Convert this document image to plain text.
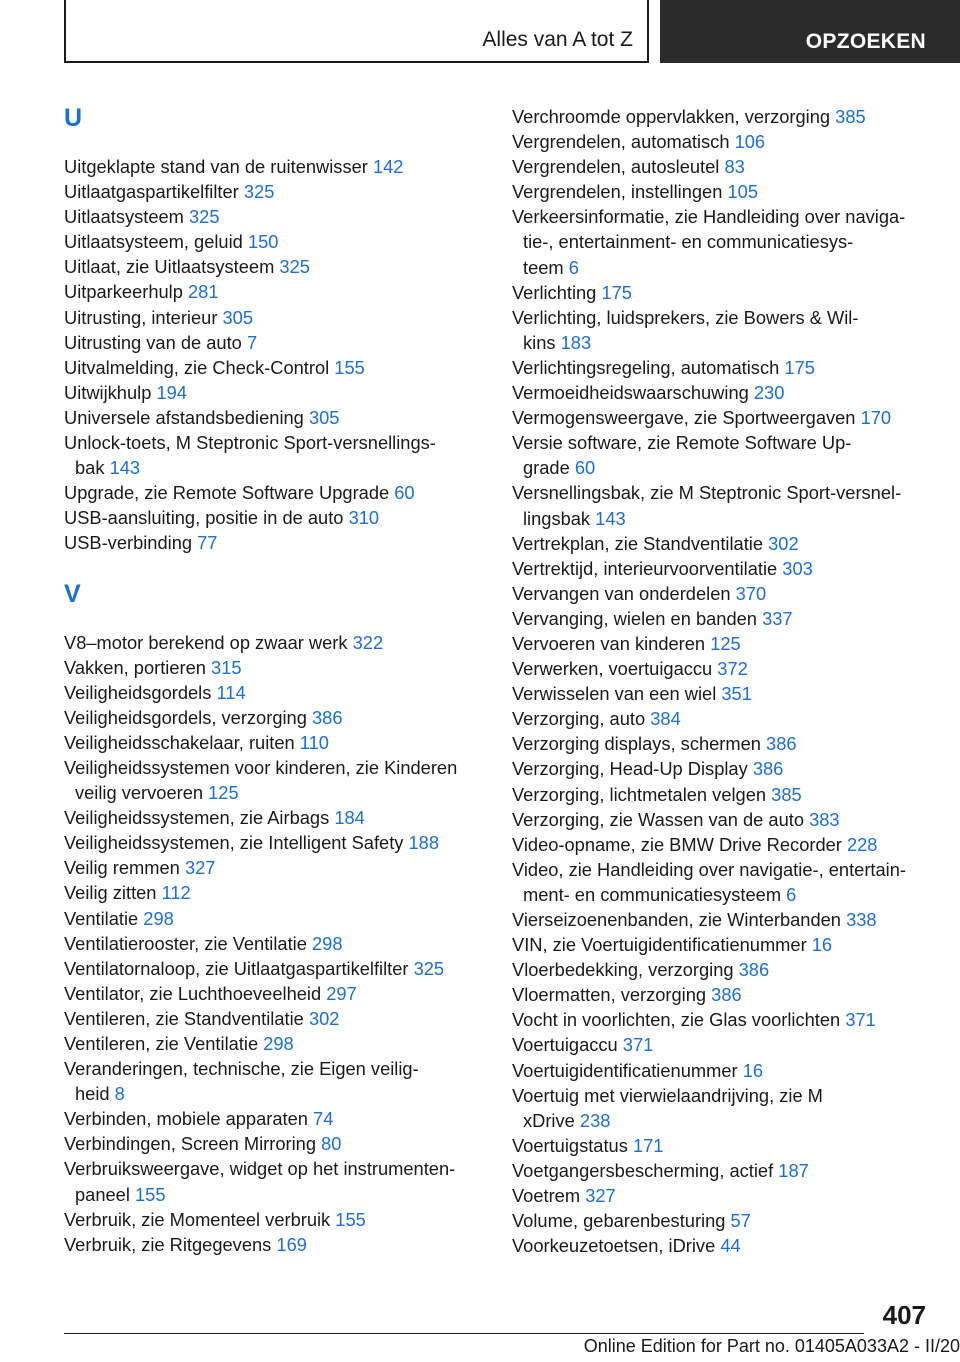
Alles van A tot Z	OPZOEKEN
U
Uitgeklapte stand van de ruitenwisser 142
Uitlaatgaspartikelfilter 325
Uitlaatsysteem 325
Uitlaatsysteem, geluid 150
Uitlaat, zie Uitlaatsysteem 325
Uitparkeerhulp 281
Uitrusting, interieur 305
Uitrusting van de auto 7
Uitvalmelding, zie Check-Control 155
Uitwijkhulp 194
Universele afstandsbediening 305
Unlock-toets, M Steptronic Sport-versnellings-
bak 143
Upgrade, zie Remote Software Upgrade 60
USB-aansluiting, positie in de auto 310
USB-verbinding 77
V
V8–motor berekend op zwaar werk 322
Vakken, portieren 315
Veiligheidsgordels 114
Veiligheidsgordels, verzorging 386
Veiligheidsschakelaar, ruiten 110
Veiligheidssystemen voor kinderen, zie Kinderen
veilig vervoeren 125
Veiligheidssystemen, zie Airbags 184
Veiligheidssystemen, zie Intelligent Safety 188
Veilig remmen 327
Veilig zitten 112
Ventilatie 298
Ventilatierooster, zie Ventilatie 298
Ventilatornaloop, zie Uitlaatgaspartikelfilter 325
Ventilator, zie Luchthoeveelheid 297
Ventileren, zie Standventilatie 302
Ventileren, zie Ventilatie 298
Veranderingen, technische, zie Eigen veilig-
heid 8
Verbinden, mobiele apparaten 74
Verbindingen, Screen Mirroring 80
Verbruiksweergave, widget op het instrumenten-
paneel 155
Verbruik, zie Momenteel verbruik 155
Verbruik, zie Ritgegevens 169
Verchroomde oppervlakken, verzorging 385
Vergrendelen, automatisch 106
Vergrendelen, autosleutel 83
Vergrendelen, instellingen 105
Verkeersinformatie, zie Handleiding over naviga-
tie-, entertainment- en communicatiesys-
teem 6
Verlichting 175
Verlichting, luidsprekers, zie Bowers & Wil-
kins 183
Verlichtingsregeling, automatisch 175
Vermoeidheidswaarschuwing 230
Vermogensweergave, zie Sportweergaven 170
Versie software, zie Remote Software Up-
grade 60
Versnellingsbak, zie M Steptronic Sport-versnel-
lingsbak 143
Vertrekplan, zie Standventilatie 302
Vertrektijd, interieurvoorventilatie 303
Vervangen van onderdelen 370
Vervanging, wielen en banden 337
Vervoeren van kinderen 125
Verwerken, voertuigaccu 372
Verwisselen van een wiel 351
Verzorging, auto 384
Verzorging displays, schermen 386
Verzorging, Head-Up Display 386
Verzorging, lichtmetalen velgen 385
Verzorging, zie Wassen van de auto 383
Video-opname, zie BMW Drive Recorder 228
Video, zie Handleiding over navigatie-, entertain-
ment- en communicatiesysteem 6
Vierseizoenenbanden, zie Winterbanden 338
VIN, zie Voertuigidentificatienummer 16
Vloerbedekking, verzorging 386
Vloermatten, verzorging 386
Vocht in voorlichten, zie Glas voorlichten 371
Voertuigaccu 371
Voertuigidentificatienummer 16
Voertuig met vierwielaandrijving, zie M
xDrive 238
Voertuigstatus 171
Voetgangersbescherming, actief 187
Voetrem 327
Volume, gebarenbesturing 57
Voorkeuzetoetsen, iDrive 44
407
Online Edition for Part no. 01405A033A2 - II/20
